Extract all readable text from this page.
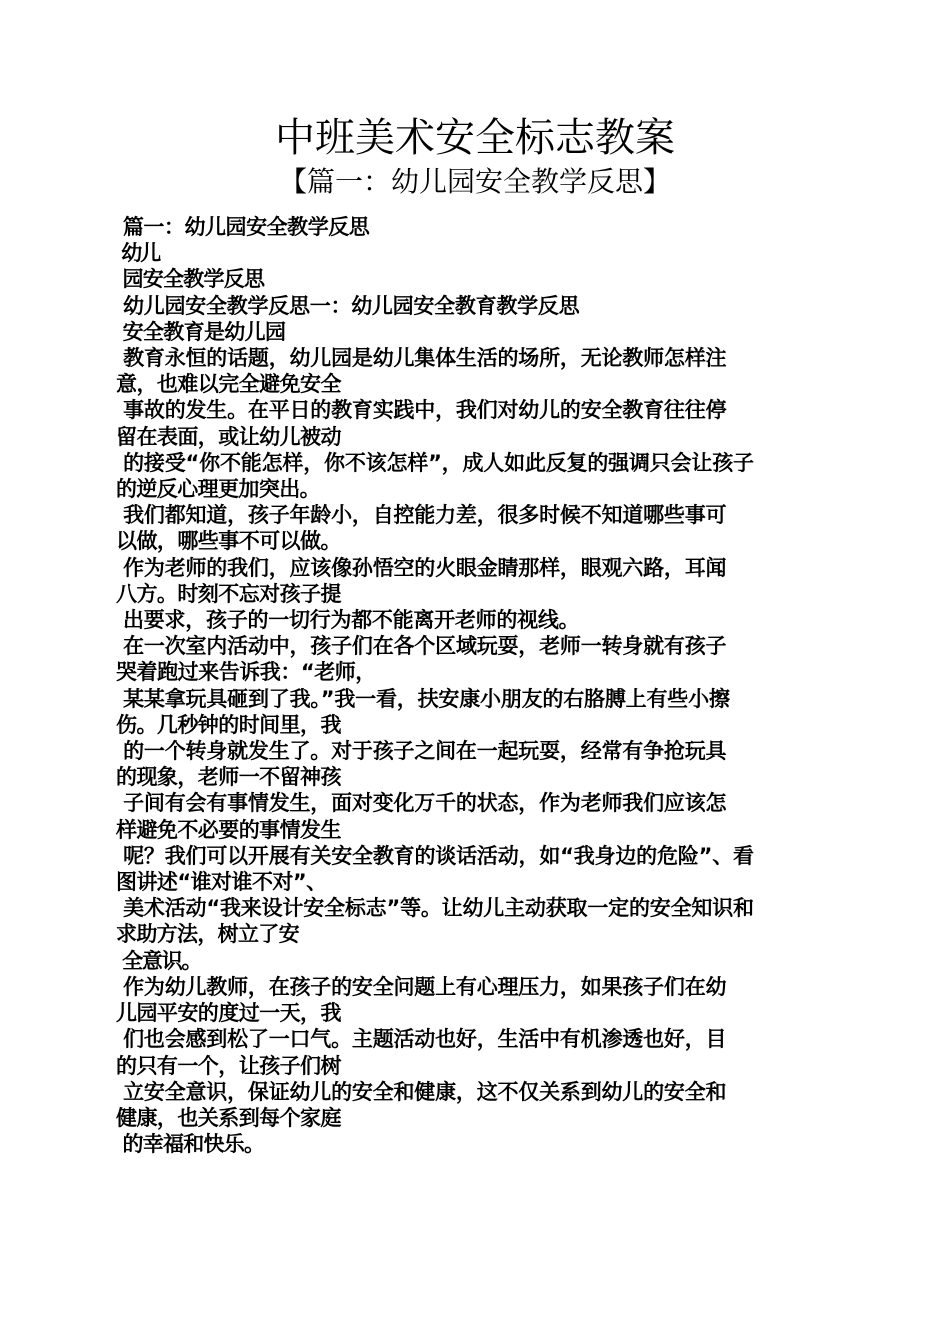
中班美术安全标志教案
【篇一：幼儿园安全教学反思】
篇一：幼儿园安全教学反思
幼儿
园安全教学反思
幼儿园安全教学反思一：幼儿园安全教育教学反思
安全教育是幼儿园
教育永恒的话题，幼儿园是幼儿集体生活的场所，无论教师怎样注
意，也难以完全避免安全
事故的发生。在平日的教育实践中，我们对幼儿的安全教育往往停
留在表面，或让幼儿被动
的接受“你不能怎样，你不该怎样”，成人如此反复的强调只会让孩子
的逆反心理更加突出。
我们都知道，孩子年龄小，自控能力差，很多时候不知道哪些事可
以做，哪些事不可以做。
作为老师的我们，应该像孙悟空的火眼金睛那样，眼观六路，耳闻
八方。时刻不忘对孩子提
出要求，孩子的一切行为都不能离开老师的视线。
在一次室内活动中，孩子们在各个区域玩耍，老师一转身就有孩子
哭着跑过来告诉我：“老师，
某某拿玩具砸到了我。”我一看，扶安康小朋友的右胳膊上有些小擦
伤。几秒钟的时间里，我
的一个转身就发生了。对于孩子之间在一起玩耍，经常有争抢玩具
的现象，老师一不留神孩
子间有会有事情发生，面对变化万千的状态，作为老师我们应该怎
样避免不必要的事情发生
呢？我们可以开展有关安全教育的谈话活动，如“我身边的危险”、看
图讲述“谁对谁不对”、
美术活动“我来设计安全标志”等。让幼儿主动获取一定的安全知识和
求助方法，树立了安
全意识。
作为幼儿教师，在孩子的安全问题上有心理压力，如果孩子们在幼
儿园平安的度过一天，我
们也会感到松了一口气。主题活动也好，生活中有机渗透也好，目
的只有一个，让孩子们树
立安全意识，保证幼儿的安全和健康，这不仅关系到幼儿的安全和
健康，也关系到每个家庭
的幸福和快乐。
